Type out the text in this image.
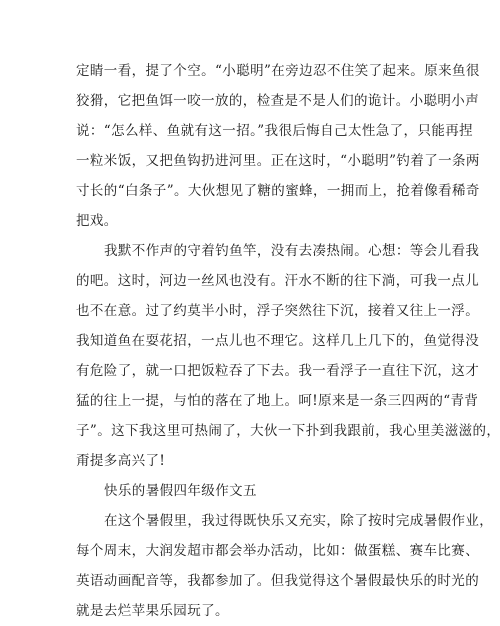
定睛一看，提了个空。“小聪明”在旁边忍不住笑了起来。原来鱼很
狡猾，它把鱼饵一咬一放的，检查是不是人们的诡计。小聪明小声
说：“怎么样、鱼就有这一招。”我很后悔自己太性急了，只能再捏
一粒米饭，又把鱼钩扔进河里。正在这时，“小聪明”钓着了一条两
寸长的“白条子”。大伙想见了糖的蜜蜂，一拥而上，抢着像看稀奇
把戏。
我默不作声的守着钓鱼竿，没有去凑热闹。心想：等会儿看我
的吧。这时，河边一丝风也没有。汗水不断的往下淌，可我一点儿
也不在意。过了约莫半小时，浮子突然往下沉，接着又往上一浮。
我知道鱼在耍花招，一点儿也不理它。这样几上几下的，鱼觉得没
有危险了，就一口把饭粒吞了下去。我一看浮子一直往下沉，这才
猛的往上一提，与怕的落在了地上。呵!原来是一条三四两的“青背
子”。这下我这里可热闹了，大伙一下扑到我跟前，我心里美滋滋的，
甭提多高兴了!
快乐的暑假四年级作文五
在这个暑假里，我过得既快乐又充实，除了按时完成暑假作业，
每个周末，大润发超市都会举办活动，比如：做蛋糕、赛车比赛、
英语动画配音等，我都参加了。但我觉得这个暑假最快乐的时光的
就是去烂苹果乐园玩了。
